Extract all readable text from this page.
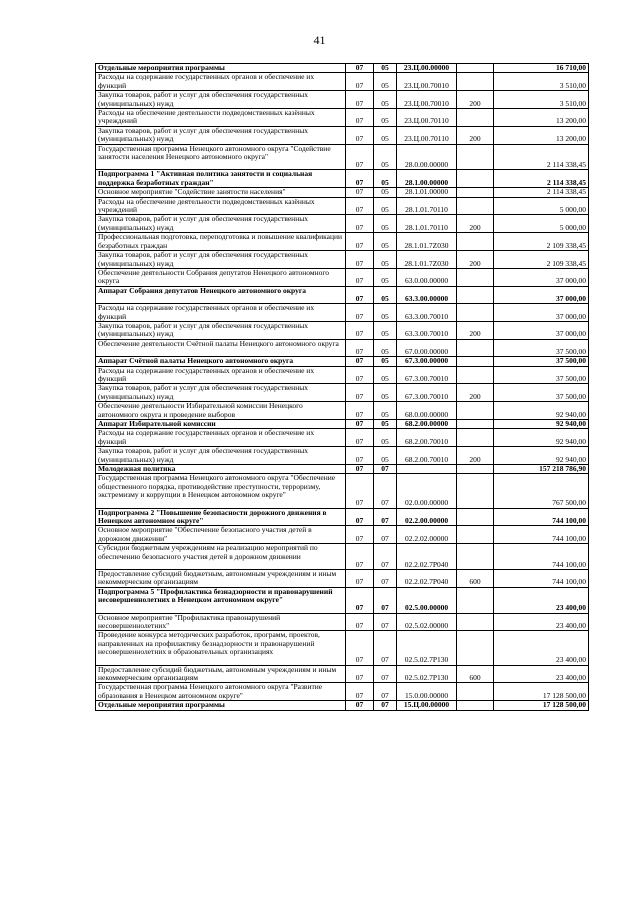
41
Отдельные мероприятия программы	07	05	23.Ц.00.00000		16 710,00
Расходы на содержание государственных органов и обеспечение их функций	07	05	23.Ц.00.70010		3 510,00
Закупка товаров, работ и услуг для обеспечения государственных (муниципальных) нужд	07	05	23.Ц.00.70010	200	3 510,00
Расходы на обеспечение деятельности подведомственных казённых учреждений	07	05	23.Ц.00.70110		13 200,00
Закупка товаров, работ и услуг для обеспечения государственных (муниципальных) нужд	07	05	23.Ц.00.70110	200	13 200,00
Государственная программа Ненецкого автономного округа "Содействие занятости населения Ненецкого автономного округа"	07	05	28.0.00.00000		2 114 338,45
Подпрограмма 1 "Активная политика занятости и социальная поддержка безработных граждан"	07	05	28.1.00.00000		2 114 338,45
Основное мероприятие "Содействие занятости населения"	07	05	28.1.01.00000		2 114 338,45
Расходы на обеспечение деятельности подведомственных казённых учреждений	07	05	28.1.01.70110		5 000,00
Закупка товаров, работ и услуг для обеспечения государственных (муниципальных) нужд	07	05	28.1.01.70110	200	5 000,00
Профессиональная подготовка, переподготовка и повышение квалификации безработных граждан	07	05	28.1.01.7Z030		2 109 338,45
Закупка товаров, работ и услуг для обеспечения государственных (муниципальных) нужд	07	05	28.1.01.7Z030	200	2 109 338,45
Обеспечение деятельности Собрания депутатов Ненецкого автономного округа	07	05	63.0.00.00000		37 000,00
Аппарат Собрания депутатов Ненецкого автономного округа	07	05	63.3.00.00000		37 000,00
Расходы на содержание государственных органов и обеспечение их функций	07	05	63.3.00.70010		37 000,00
Закупка товаров, работ и услуг для обеспечения государственных (муниципальных) нужд	07	05	63.3.00.70010	200	37 000,00
Обеспечение деятельности Счётной палаты Ненецкого автономного округа	07	05	67.0.00.00000		37 500,00
Аппарат Счётной палаты Ненецкого автономного округа	07	05	67.3.00.00000		37 500,00
Расходы на содержание государственных органов и обеспечение их функций	07	05	67.3.00.70010		37 500,00
Закупка товаров, работ и услуг для обеспечения государственных (муниципальных) нужд	07	05	67.3.00.70010	200	37 500,00
Обеспечение деятельности Избирательной комиссии Ненецкого автономного округа и проведение выборов	07	05	68.0.00.00000		92 940,00
Аппарат Избирательной комиссии	07	05	68.2.00.00000		92 940,00
Расходы на содержание государственных органов и обеспечение их функций	07	05	68.2.00.70010		92 940,00
Закупка товаров, работ и услуг для обеспечения государственных (муниципальных) нужд	07	05	68.2.00.70010	200	92 940,00
Молодежная политика	07	07			157 218 786,90
Государственная программа Ненецкого автономного округа "Обеспечение общественного порядка, противодействие преступности, терроризму, экстремизму и коррупции в Ненецком автономном округе"	07	07	02.0.00.00000		767 500,00
Подпрограмма 2 "Повышение безопасности дорожного движения в Ненецком автономном округе"	07	07	02.2.00.00000		744 100,00
Основное мероприятие "Обеспечение безопасного участия детей в дорожном движении"	07	07	02.2.02.00000		744 100,00
Субсидии бюджетным учреждениям на реализацию мероприятий по обеспечению безопасного участия детей в дорожном движении	07	07	02.2.02.7P040		744 100,00
Предоставление субсидий бюджетным, автономным учреждениям и иным некоммерческим организациям	07	07	02.2.02.7P040	600	744 100,00
Подпрограмма 5 "Профилактика безнадзорности и правонарушений несовершеннолетних в Ненецком автономном округе"	07	07	02.5.00.00000		23 400,00
Основное мероприятие "Профилактика правонарушений несовершеннолетних"	07	07	02.5.02.00000		23 400,00
Проведение конкурса методических разработок, программ, проектов, направленных на профилактику безнадзорности и правонарушений несовершеннолетних в образовательных организациях	07	07	02.5.02.7P130		23 400,00
Предоставление субсидий бюджетным, автономным учреждениям и иным некоммерческим организациям	07	07	02.5.02.7P130	600	23 400,00
Государственная программа Ненецкого автономного округа "Развитие образования в Ненецком автономном округе"	07	07	15.0.00.00000		17 128 500,00
Отдельные мероприятия программы	07	07	15.Ц.00.00000		17 128 500,00
